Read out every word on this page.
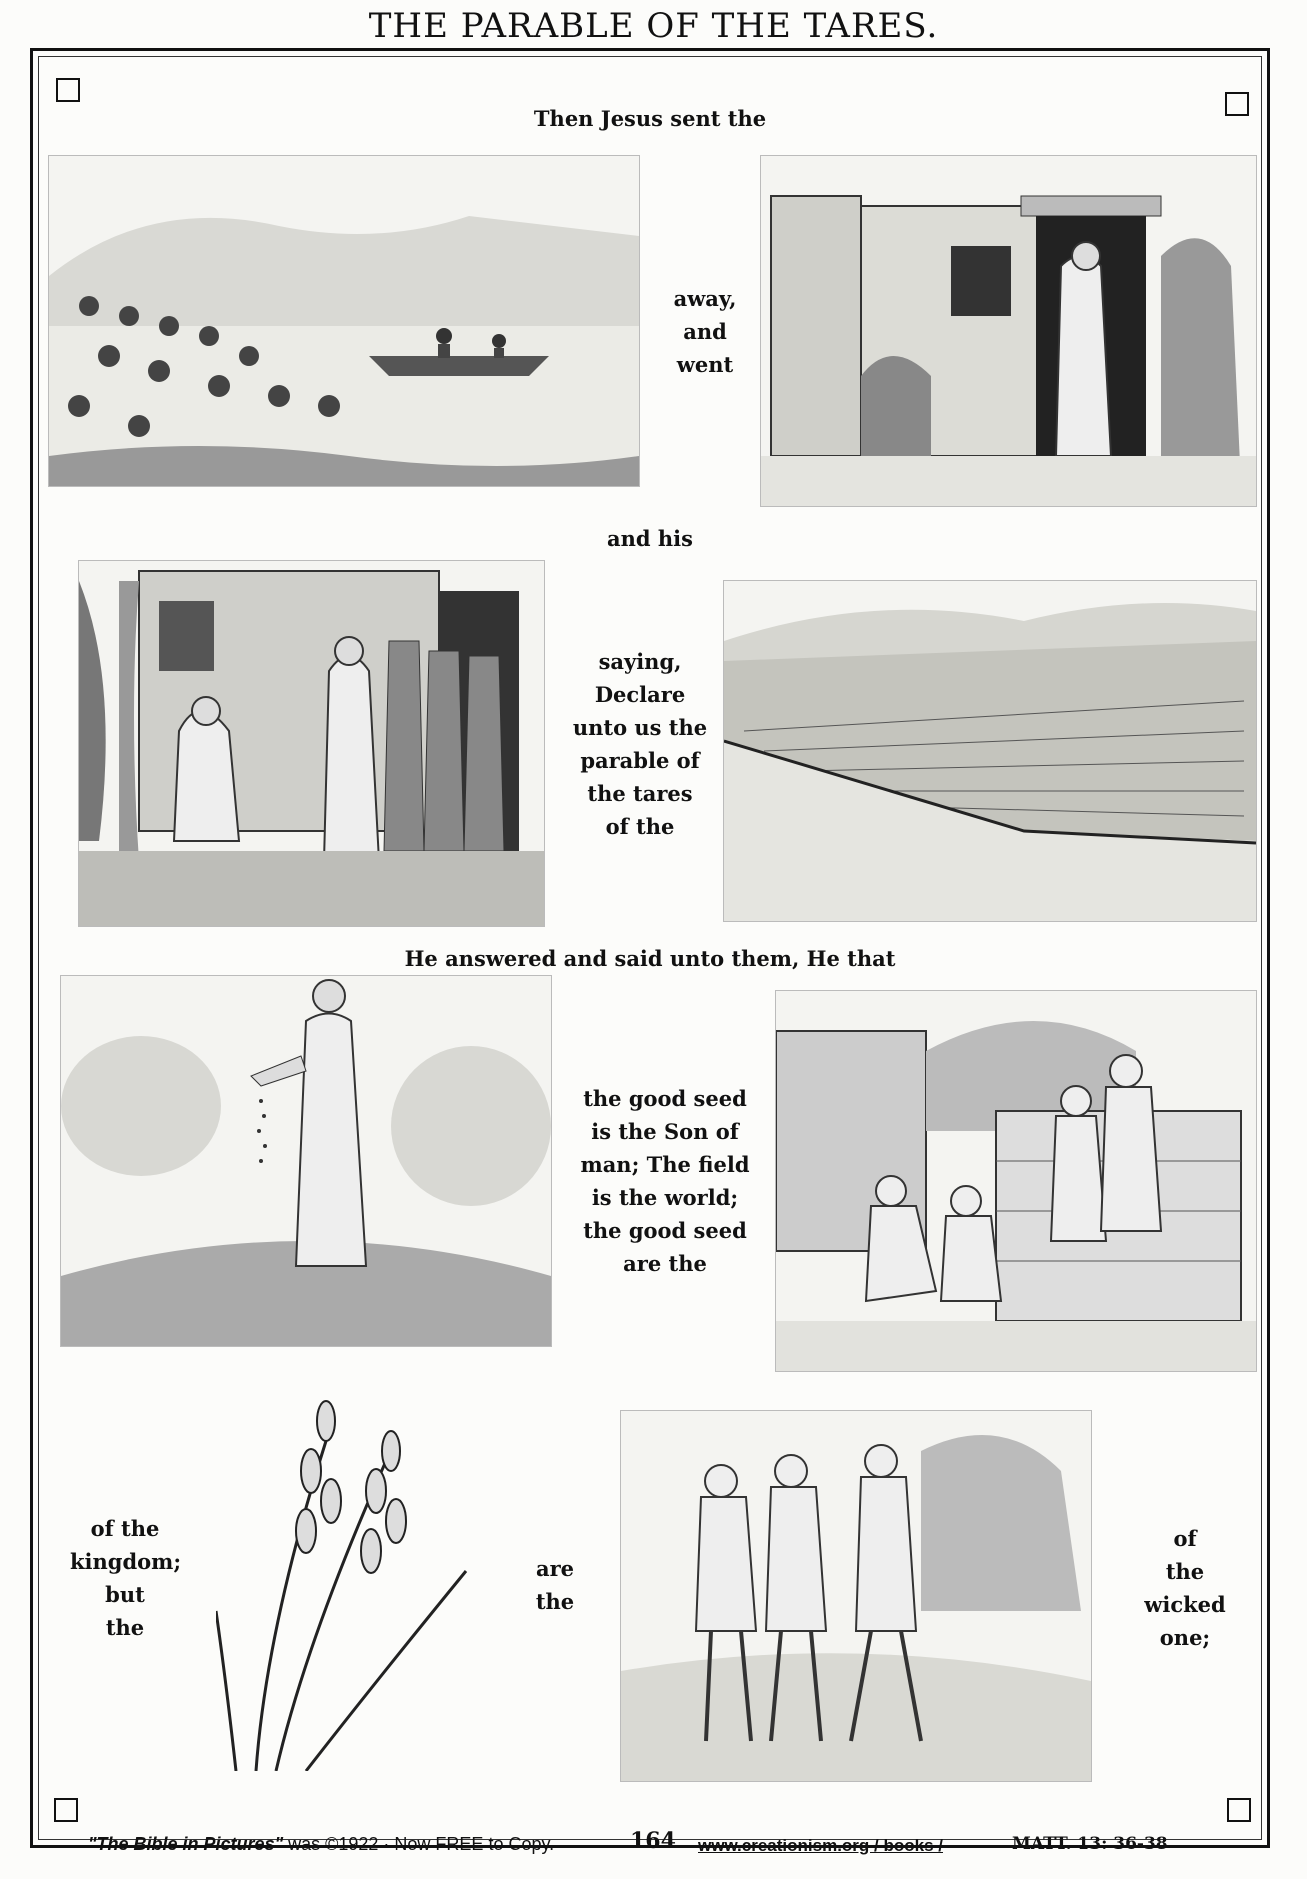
THE PARABLE OF THE TARES.
Then Jesus sent the
away,
and
went
and his
saying,
Declare
unto us the
parable of
the tares
of the
He answered and said unto them, He that
the good seed
is the Son of
man; The field
is the world;
the good seed
are the
of the
kingdom;
but
the
are
the
of
the
wicked
one;
"The Bible in Pictures" was ©1922 · Now FREE to Copy.	164 www.creationism.org / books /	MATT. 13: 36-38
